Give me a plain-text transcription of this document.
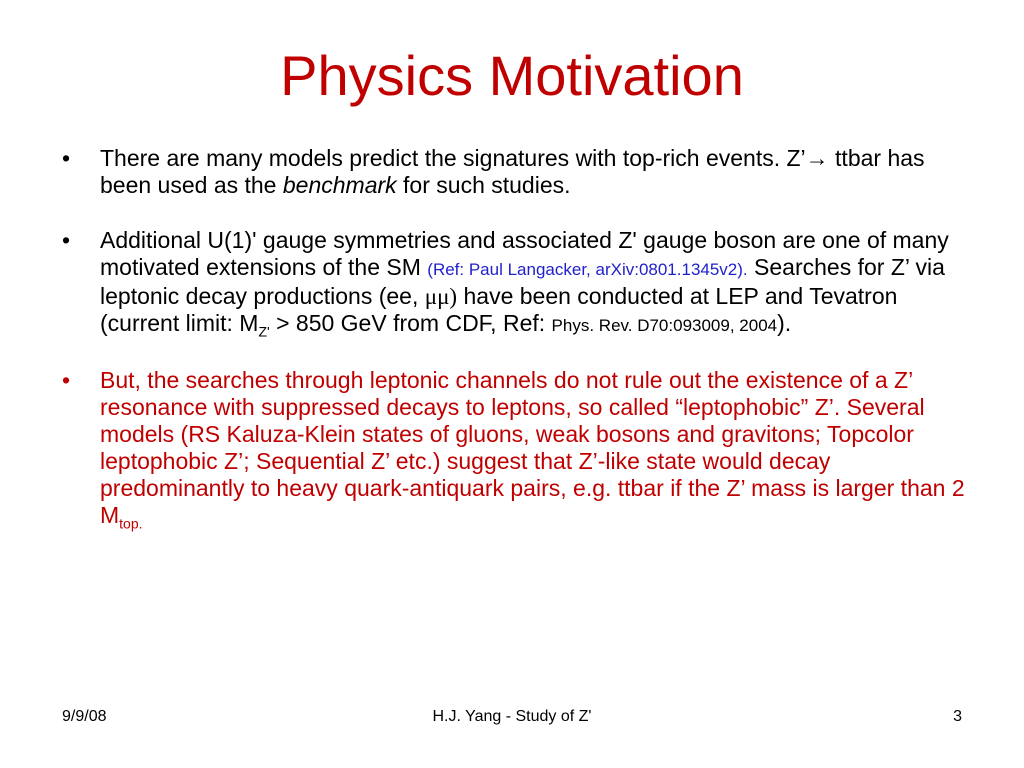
Physics Motivation
•	There are many models predict the signatures with top-rich events. Z’→ ttbar has been used as the benchmark for such studies.
•	Additional U(1)' gauge symmetries and associated Z' gauge boson are one of many motivated extensions of the SM (Ref: Paul Langacker, arXiv:0801.1345v2). Searches for Z’ via leptonic decay productions (ee, μμ) have been conducted at LEP and Tevatron (current limit: $M_{Z'} > 850$ GeV from CDF, Ref: Phys. Rev. D70:093009, 2004).
•	But, the searches through leptonic channels do not rule out the existence of a Z’ resonance with suppressed decays to leptons, so called “leptophobic” Z’. Several models (RS Kaluza-Klein states of gluons, weak bosons and gravitons; Topcolor leptophobic Z’; Sequential Z’ etc.) suggest that Z’-like state would decay predominantly to heavy quark-antiquark pairs, e.g. ttbar if the Z’ mass is larger than 2 $M_{top.}$
9/9/08	H.J. Yang - Study of Z'	3
